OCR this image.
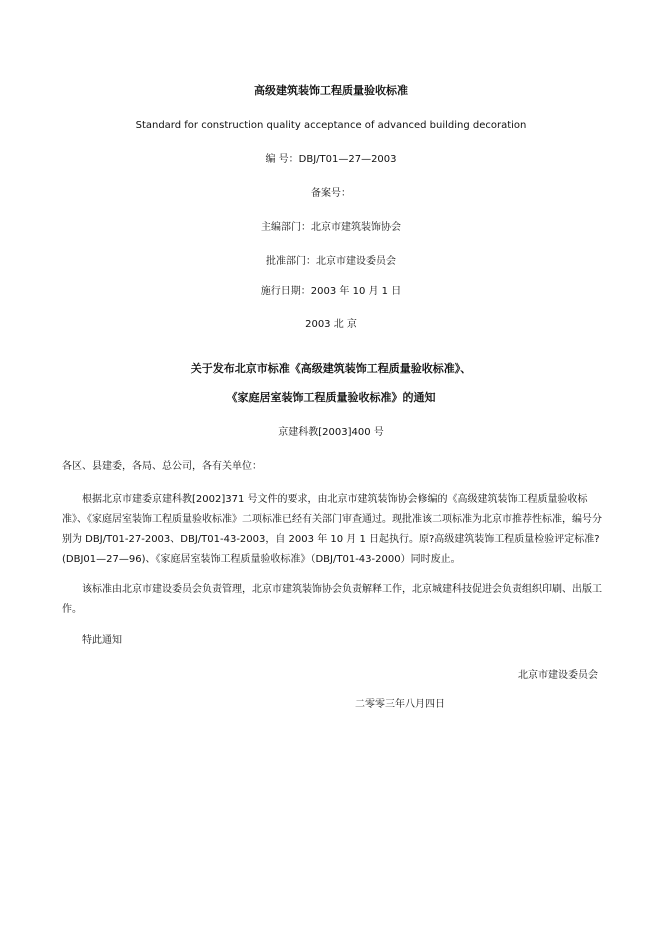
高级建筑装饰工程质量验收标准
Standard for construction quality acceptance of advanced building decoration
编 号：DBJ/T01—27—2003
备案号：
主编部门：北京市建筑装饰协会
批准部门：北京市建设委员会
施行日期：2003 年 10 月 1 日
2003 北 京
关于发布北京市标准《高级建筑装饰工程质量验收标准》、
《家庭居室装饰工程质量验收标准》的通知
京建科教[2003]400 号
各区、县建委，各局、总公司，各有关单位：

根据北京市建委京建科教[2002]371 号文件的要求，由北京市建筑装饰协会修编的《高级建筑装饰工程质量验收标准》、《家庭居室装饰工程质量验收标准》二项标准已经有关部门审查通过。现批准该二项标准为北京市推荐性标准，编号分别为 DBJ/T01-27-2003、DBJ/T01-43-2003，自 2003 年 10 月 1 日起执行。原?高级建筑装饰工程质量检验评定标准?(DBJ01—27—96)、《家庭居室装饰工程质量验收标准》（DBJ/T01-43-2000）同时废止。

该标准由北京市建设委员会负责管理，北京市建筑装饰协会负责解释工作，北京城建科技促进会负责组织印刷、出版工作。

特此通知
北京市建设委员会
二零零三年八月四日
